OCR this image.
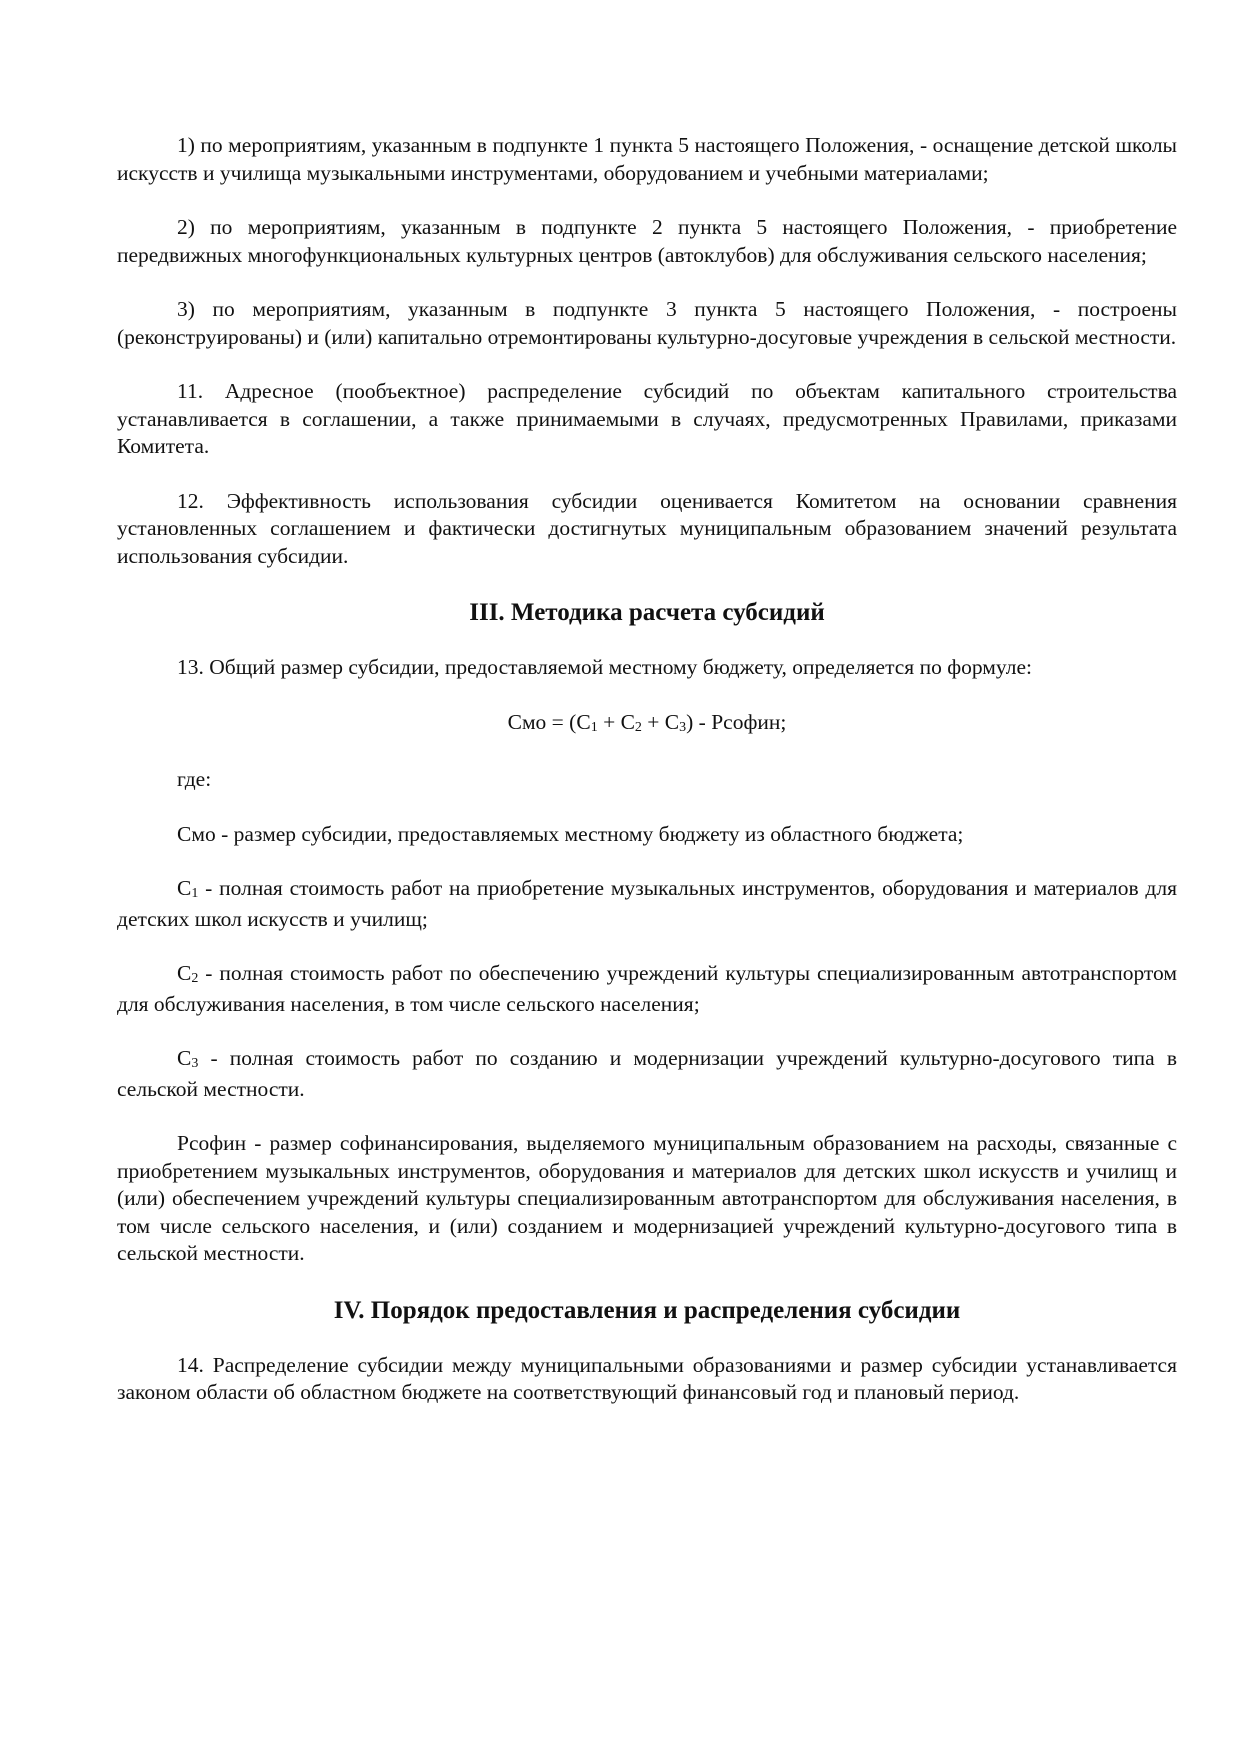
1) по мероприятиям, указанным в подпункте 1 пункта 5 настоящего Положения, - оснащение детской школы искусств и училища музыкальными инструментами, оборудованием и учебными материалами;

2) по мероприятиям, указанным в подпункте 2 пункта 5 настоящего Положения, - приобретение передвижных многофункциональных культурных центров (автоклубов) для обслуживания сельского населения;

3) по мероприятиям, указанным в подпункте 3 пункта 5 настоящего Положения, - построены (реконструированы) и (или) капитально отремонтированы культурно-досуговые учреждения в сельской местности.

11. Адресное (пообъектное) распределение субсидий по объектам капитального строительства устанавливается в соглашении, а также принимаемыми в случаях, предусмотренных Правилами, приказами Комитета.

12. Эффективность использования субсидии оценивается Комитетом на основании сравнения установленных соглашением и фактически достигнутых муниципальным образованием значений результата использования субсидии.

III. Методика расчета субсидий

13. Общий размер субсидии, предоставляемой местному бюджету, определяется по формуле:

Смо = $(C_1 + C_2 + C_3)$ - Рсофин;

где:

Смо - размер субсидии, предоставляемых местному бюджету из областного бюджета;

$C_1$ - полная стоимость работ на приобретение музыкальных инструментов, оборудования и материалов для детских школ искусств и училищ;

$C_2$ - полная стоимость работ по обеспечению учреждений культуры специализированным автотранспортом для обслуживания населения, в том числе сельского населения;

$C_3$ - полная стоимость работ по созданию и модернизации учреждений культурно-досугового типа в сельской местности.

Рсофин - размер софинансирования, выделяемого муниципальным образованием на расходы, связанные с приобретением музыкальных инструментов, оборудования и материалов для детских школ искусств и училищ и (или) обеспечением учреждений культуры специализированным автотранспортом для обслуживания населения, в том числе сельского населения, и (или) созданием и модернизацией учреждений культурно-досугового типа в сельской местности.

IV. Порядок предоставления и распределения субсидии

14. Распределение субсидии между муниципальными образованиями и размер субсидии устанавливается законом области об областном бюджете на соответствующий финансовый год и плановый период.
